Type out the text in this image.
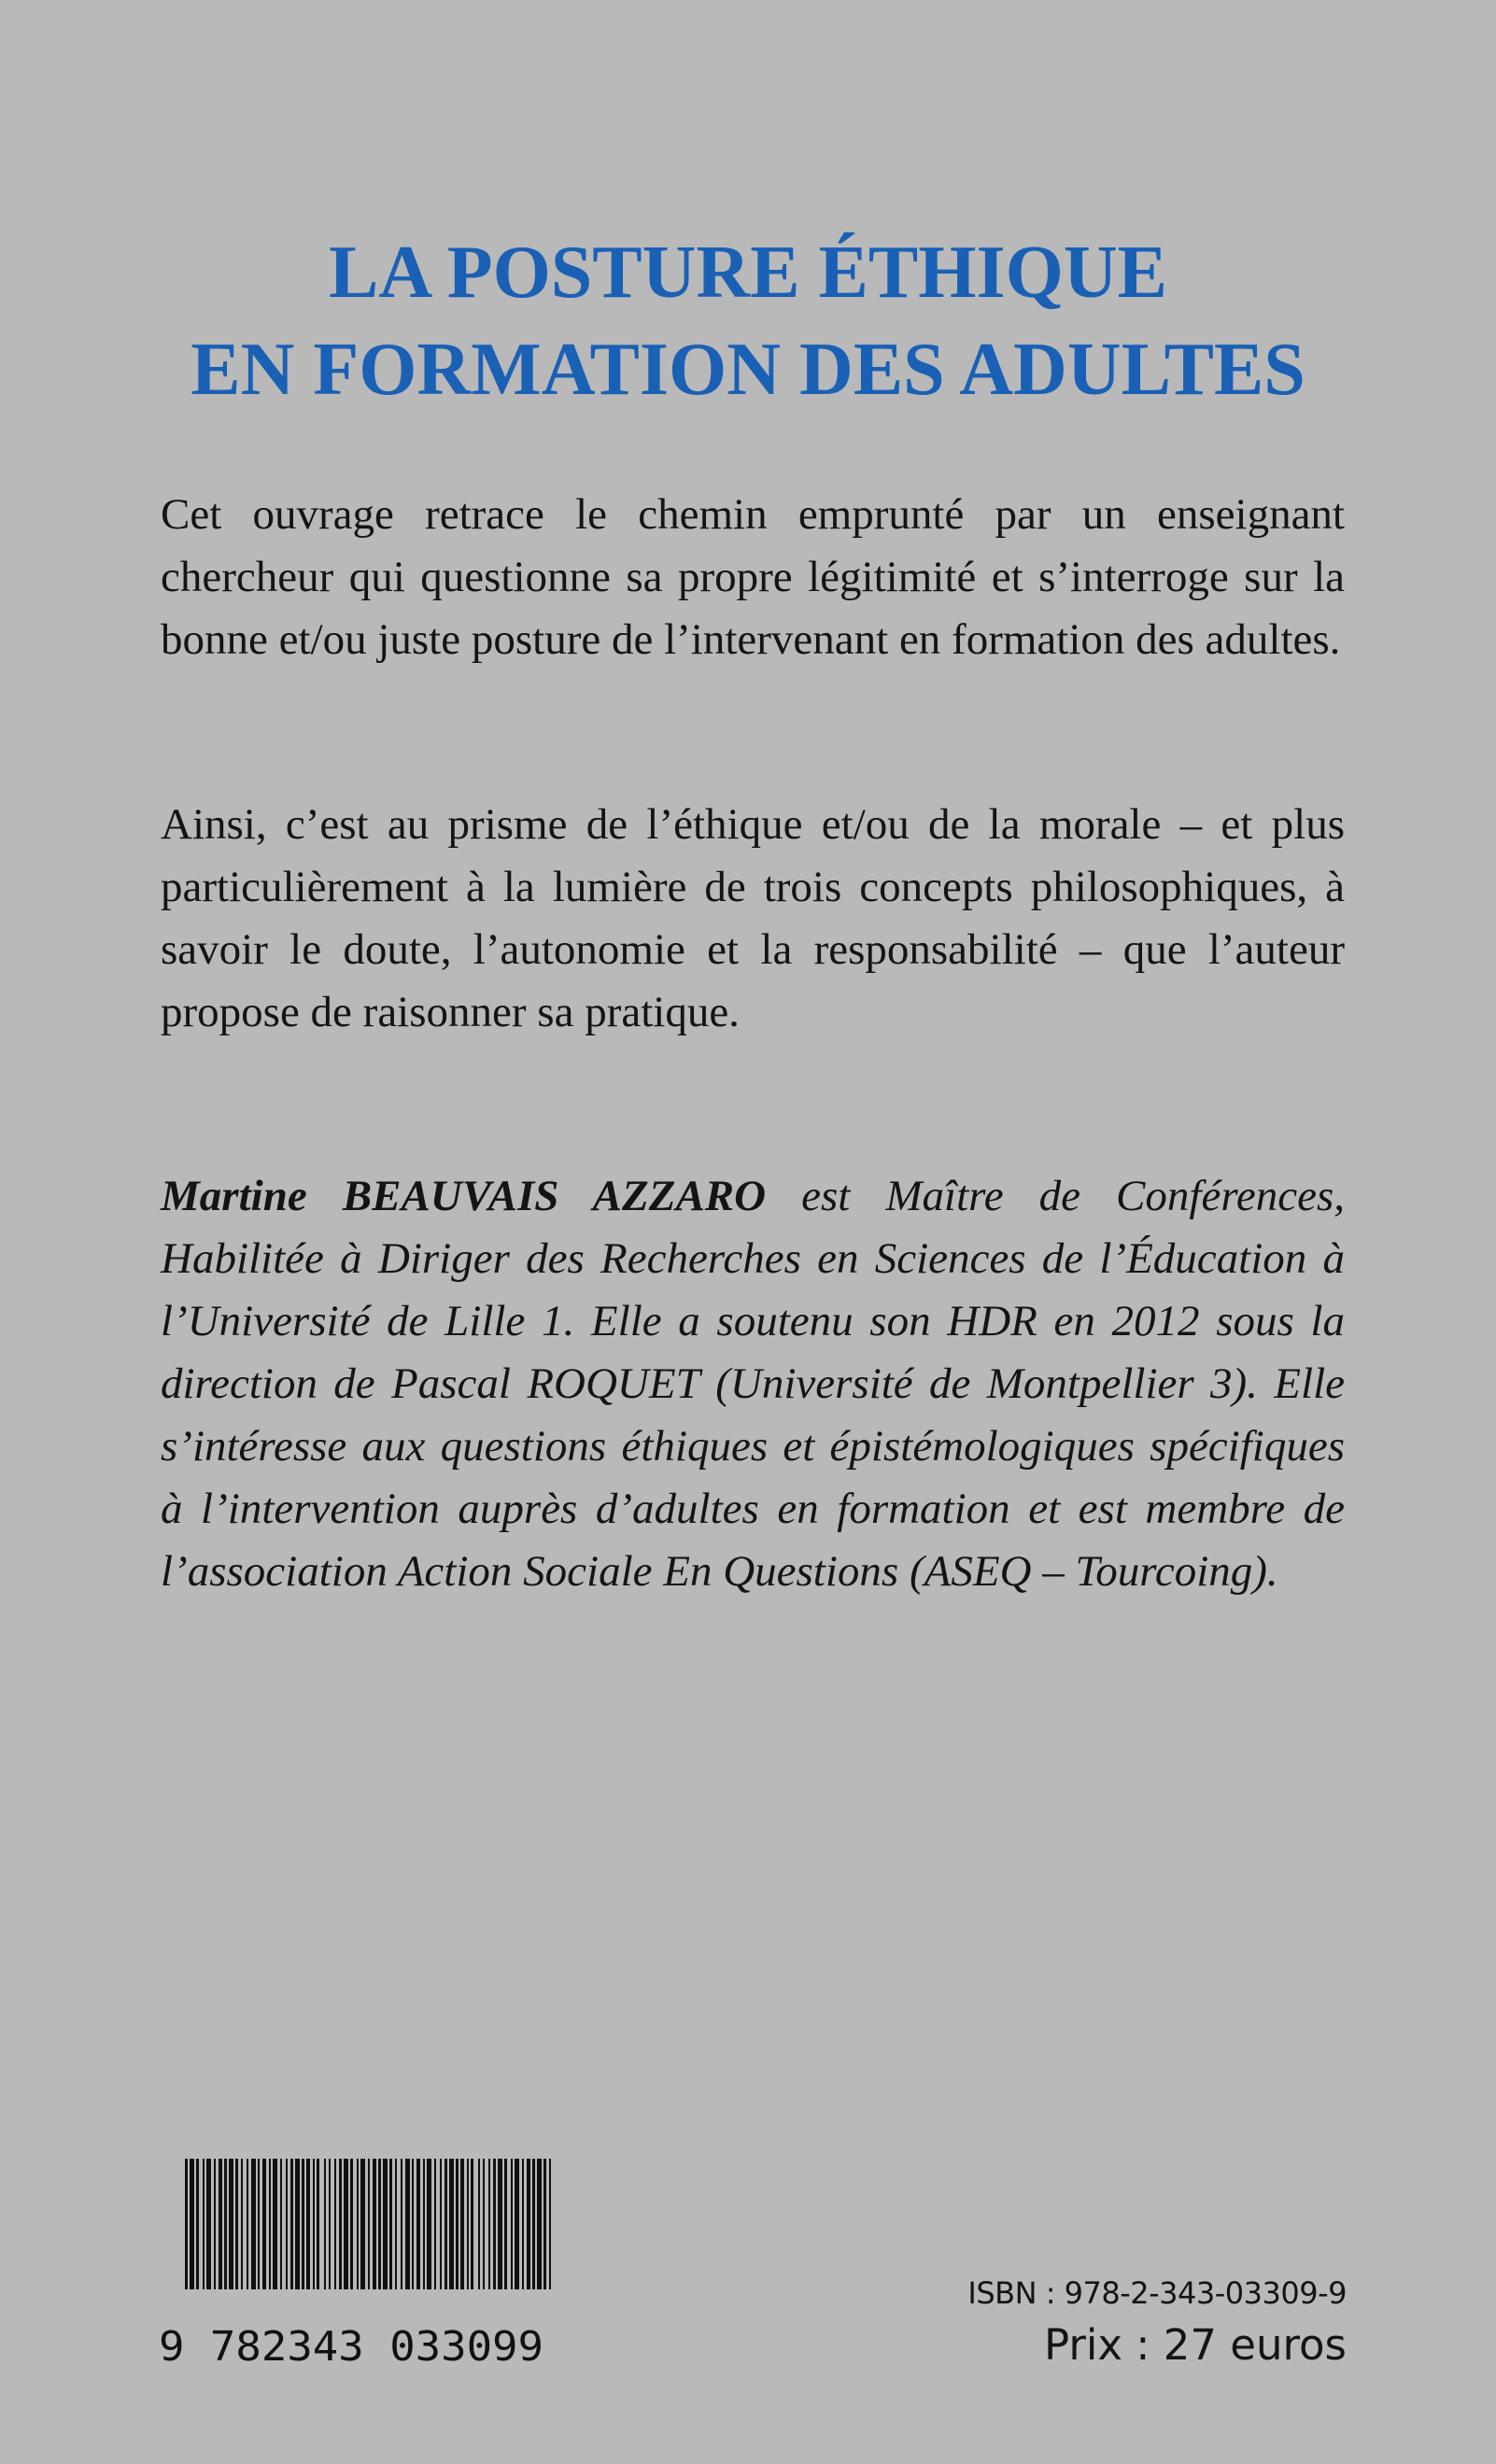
LA POSTURE ÉTHIQUE
EN FORMATION DES ADULTES

Cet ouvrage retrace le chemin emprunté par un enseignant chercheur qui questionne sa propre légitimité et s’interroge sur la bonne et/ou juste posture de l’intervenant en formation des adultes.

Ainsi, c’est au prisme de l’éthique et/ou de la morale – et plus particulièrement à la lumière de trois concepts philosophiques, à savoir le doute, l’autonomie et la responsabilité – que l’auteur propose de raisonner sa pratique.

Martine BEAUVAIS AZZARO est Maître de Conférences, Habilitée à Diriger des Recherches en Sciences de l’Éducation à l’Université de Lille 1. Elle a soutenu son HDR en 2012 sous la direction de Pascal ROQUET (Université de Montpellier 3). Elle s’intéresse aux questions éthiques et épistémologiques spécifiques à l’intervention auprès d’adultes en formation et est membre de l’association Action Sociale En Questions (ASEQ – Tourcoing).

9 782343 033099
ISBN : 978-2-343-03309-9
Prix : 27 euros
